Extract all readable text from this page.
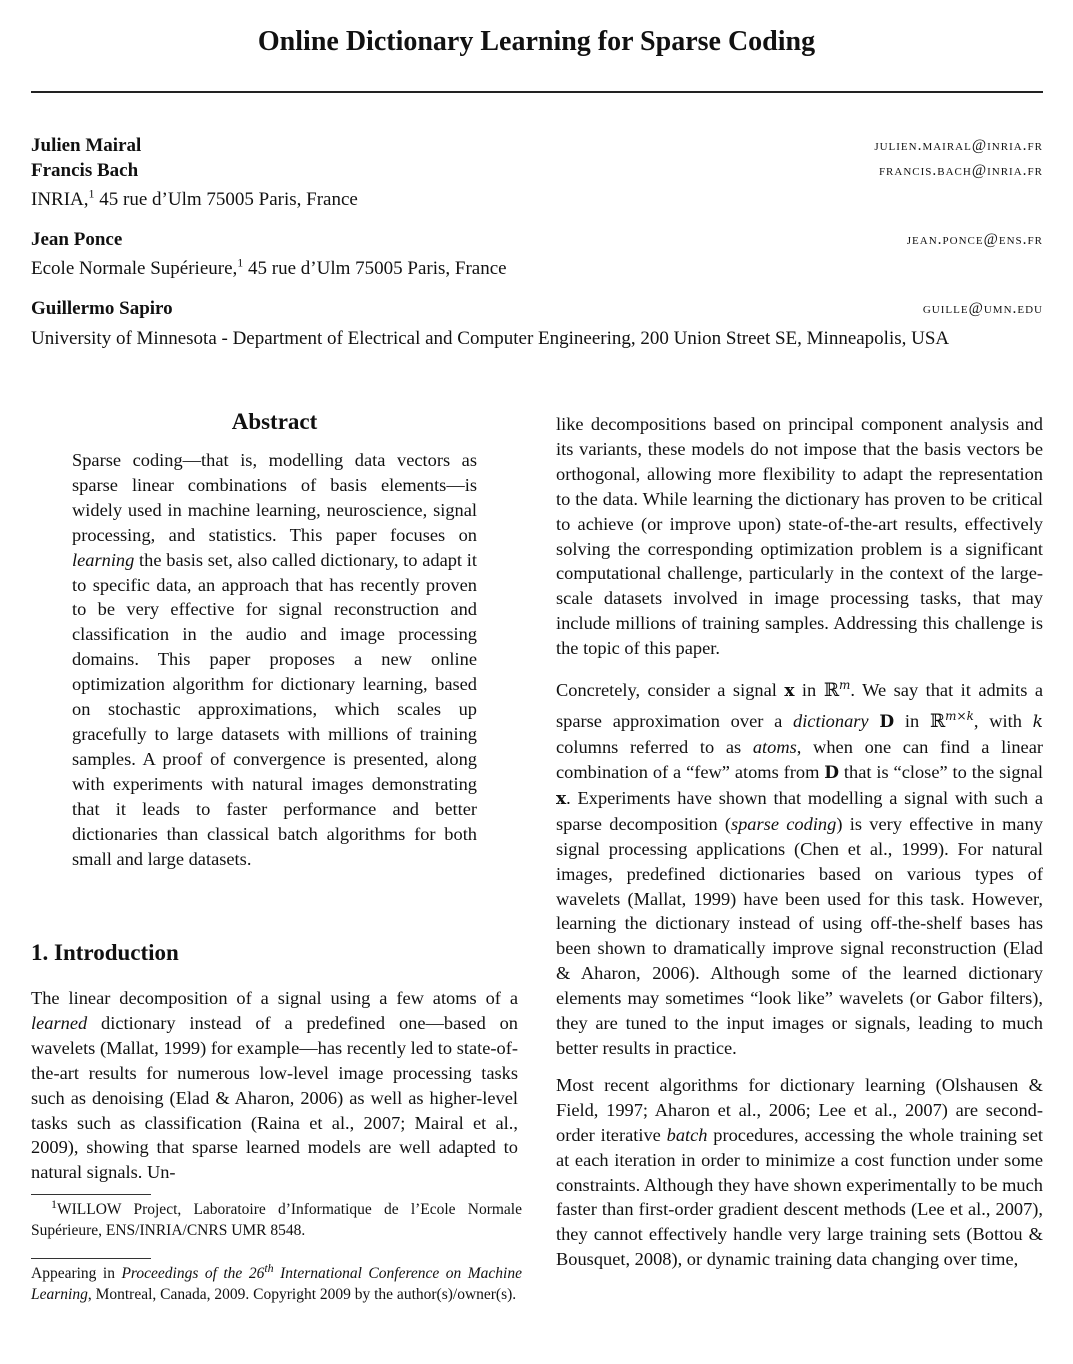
Online Dictionary Learning for Sparse Coding
Julien Mairal	julien.mairal@inria.fr
Francis Bach	francis.bach@inria.fr
INRIA,$^1$ 45 rue d’Ulm 75005 Paris, France
Jean Ponce	jean.ponce@ens.fr
Ecole Normale Supérieure,$^1$ 45 rue d’Ulm 75005 Paris, France
Guillermo Sapiro	guille@umn.edu
University of Minnesota - Department of Electrical and Computer Engineering, 200 Union Street SE, Minneapolis, USA
Abstract
Sparse coding—that is, modelling data vectors as sparse linear combinations of basis elements—is widely used in machine learning, neuroscience, signal processing, and statistics. This paper focuses on learning the basis set, also called dictionary, to adapt it to specific data, an approach that has recently proven to be very effective for signal reconstruction and classification in the audio and image processing domains. This paper proposes a new online optimization algorithm for dictionary learning, based on stochastic approximations, which scales up gracefully to large datasets with millions of training samples. A proof of convergence is presented, along with experiments with natural images demonstrating that it leads to faster performance and better dictionaries than classical batch algorithms for both small and large datasets.
1. Introduction
The linear decomposition of a signal using a few atoms of a learned dictionary instead of a predefined one—based on wavelets (Mallat, 1999) for example—has recently led to state-of-the-art results for numerous low-level image processing tasks such as denoising (Elad & Aharon, 2006) as well as higher-level tasks such as classification (Raina et al., 2007; Mairal et al., 2009), showing that sparse learned models are well adapted to natural signals. Un-
$^1$WILLOW Project, Laboratoire d’Informatique de l’Ecole Normale Supérieure, ENS/INRIA/CNRS UMR 8548.
Appearing in Proceedings of the 26th International Conference on Machine Learning, Montreal, Canada, 2009. Copyright 2009 by the author(s)/owner(s).

like decompositions based on principal component analysis and its variants, these models do not impose that the basis vectors be orthogonal, allowing more flexibility to adapt the representation to the data. While learning the dictionary has proven to be critical to achieve (or improve upon) state-of-the-art results, effectively solving the corresponding optimization problem is a significant computational challenge, particularly in the context of the large-scale datasets involved in image processing tasks, that may include millions of training samples. Addressing this challenge is the topic of this paper.

Concretely, consider a signal x in ℝ$^m$. We say that it admits a sparse approximation over a dictionary D in ℝ$^{m\times k}$, with k columns referred to as atoms, when one can find a linear combination of a “few” atoms from D that is “close” to the signal x. Experiments have shown that modelling a signal with such a sparse decomposition (sparse coding) is very effective in many signal processing applications (Chen et al., 1999). For natural images, predefined dictionaries based on various types of wavelets (Mallat, 1999) have been used for this task. However, learning the dictionary instead of using off-the-shelf bases has been shown to dramatically improve signal reconstruction (Elad & Aharon, 2006). Although some of the learned dictionary elements may sometimes “look like” wavelets (or Gabor filters), they are tuned to the input images or signals, leading to much better results in practice.

Most recent algorithms for dictionary learning (Olshausen & Field, 1997; Aharon et al., 2006; Lee et al., 2007) are second-order iterative batch procedures, accessing the whole training set at each iteration in order to minimize a cost function under some constraints. Although they have shown experimentally to be much faster than first-order gradient descent methods (Lee et al., 2007), they cannot effectively handle very large training sets (Bottou & Bousquet, 2008), or dynamic training data changing over time,
